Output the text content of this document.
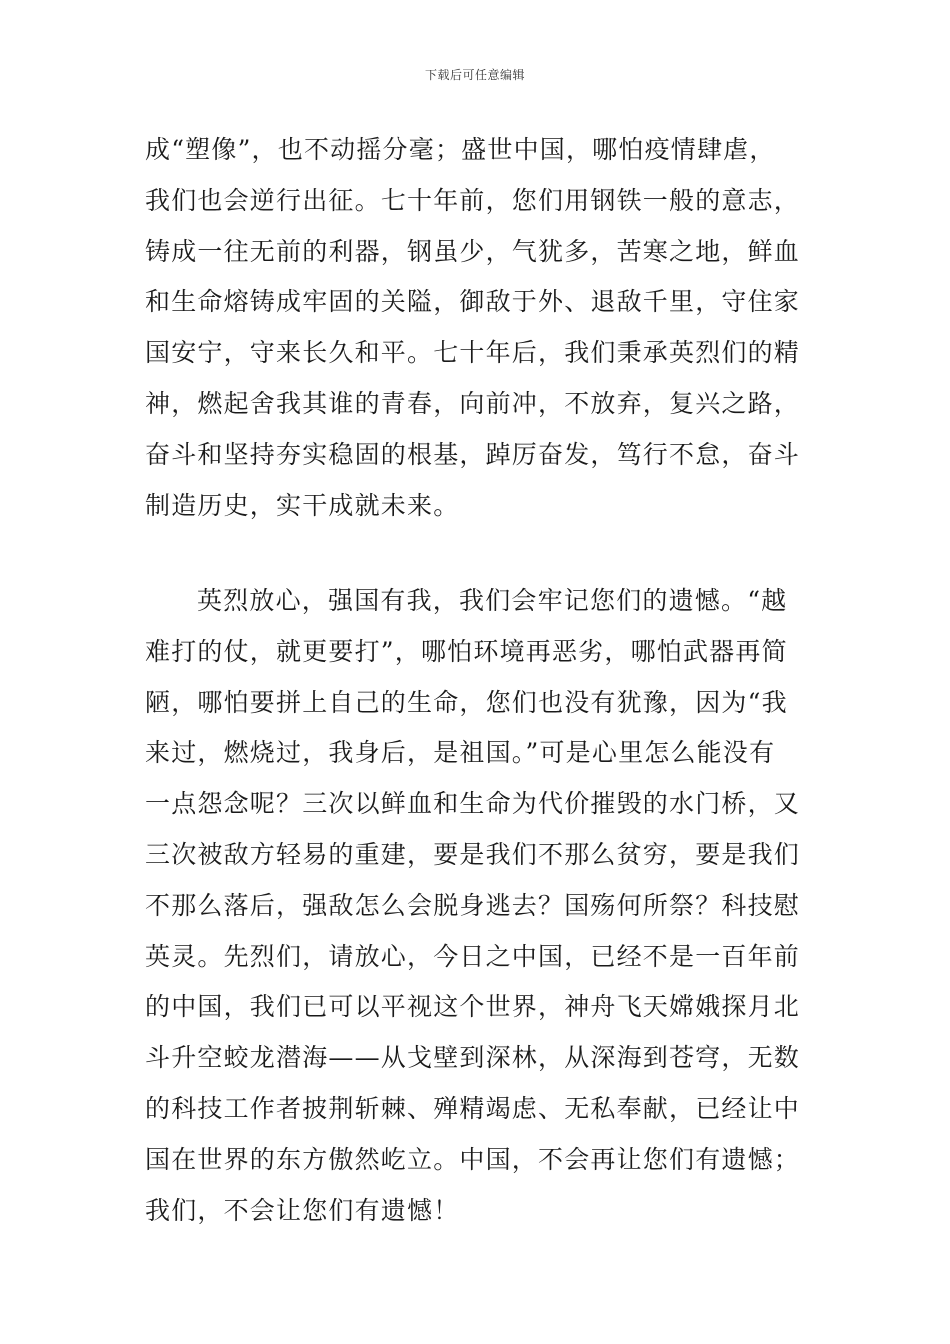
下载后可任意编辑
成“塑像”，也不动摇分毫；盛世中国，哪怕疫情肆虐，
我们也会逆行出征。七十年前，您们用钢铁一般的意志，
铸成一往无前的利器，钢虽少，气犹多，苦寒之地，鲜血
和生命熔铸成牢固的关隘，御敌于外、退敌千里，守住家
国安宁，守来长久和平。七十年后，我们秉承英烈们的精
神，燃起舍我其谁的青春，向前冲，不放弃，复兴之路，
奋斗和坚持夯实稳固的根基，踔厉奋发，笃行不怠，奋斗
制造历史，实干成就未来。
英烈放心，强国有我，我们会牢记您们的遗憾。“越
难打的仗，就更要打”，哪怕环境再恶劣，哪怕武器再简
陋，哪怕要拼上自己的生命，您们也没有犹豫，因为“我
来过，燃烧过，我身后，是祖国。”可是心里怎么能没有
一点怨念呢？三次以鲜血和生命为代价摧毁的水门桥，又
三次被敌方轻易的重建，要是我们不那么贫穷，要是我们
不那么落后，强敌怎么会脱身逃去？国殇何所祭？科技慰
英灵。先烈们，请放心，今日之中国，已经不是一百年前
的中国，我们已可以平视这个世界，神舟飞天嫦娥探月北
斗升空蛟龙潜海——从戈壁到深林，从深海到苍穹，无数
的科技工作者披荆斩棘、殚精竭虑、无私奉献，已经让中
国在世界的东方傲然屹立。中国，不会再让您们有遗憾；
我们，不会让您们有遗憾！
